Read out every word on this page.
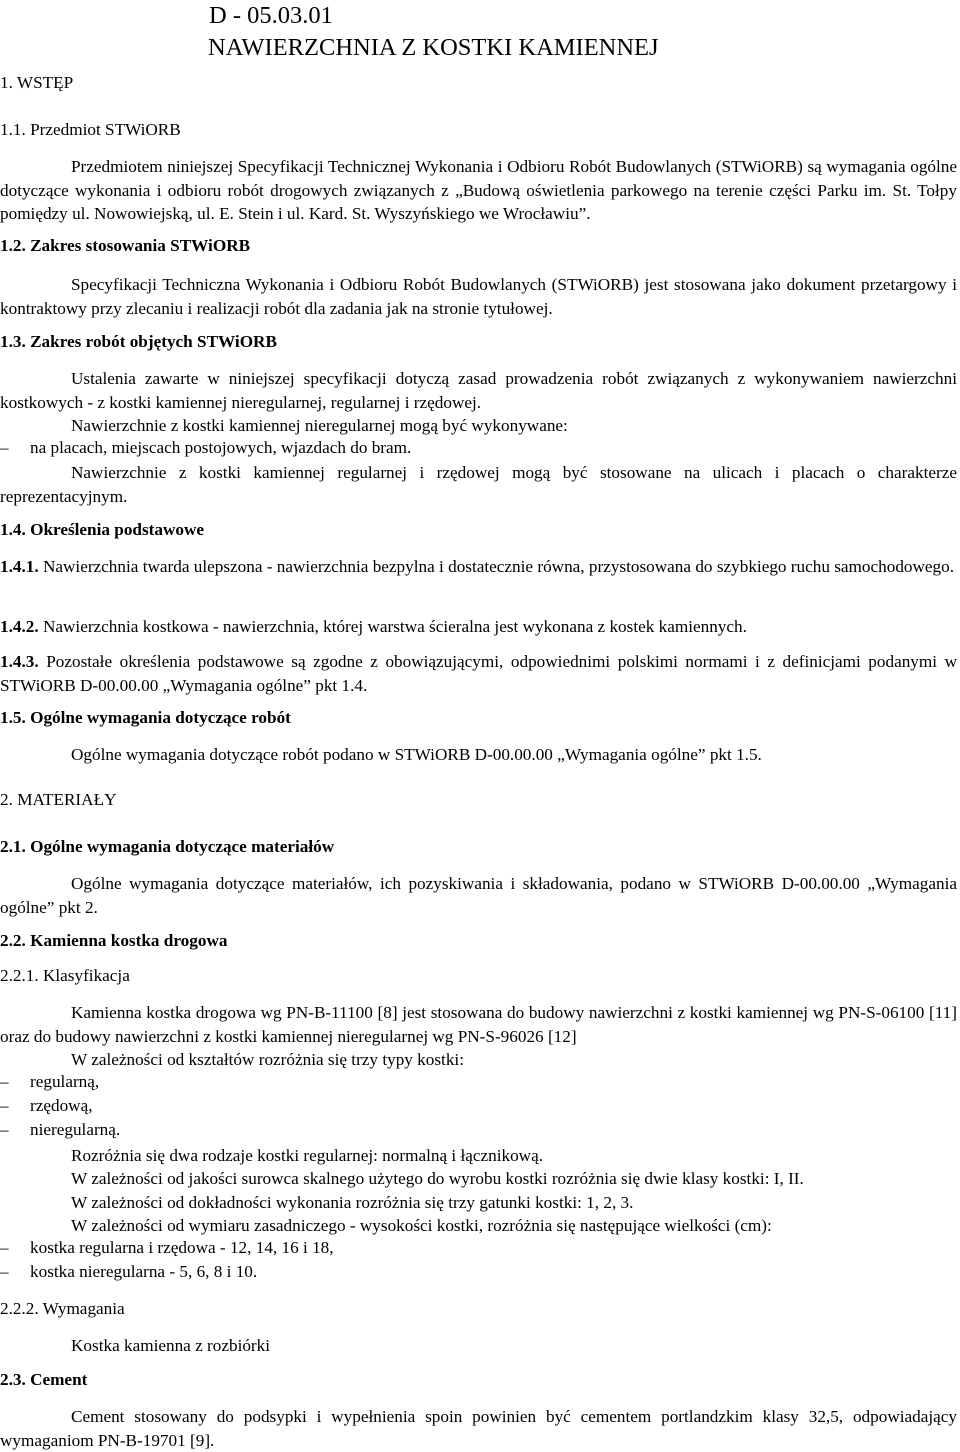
D - 05.03.01
NAWIERZCHNIA Z KOSTKI KAMIENNEJ
1. WSTĘP
1.1. Przedmiot STWiORB
Przedmiotem niniejszej Specyfikacji Technicznej Wykonania i Odbioru Robót Budowlanych (STWiORB) są wymagania ogólne dotyczące wykonania i odbioru robót drogowych związanych z „Budową oświetlenia parkowego na terenie części Parku im. St. Tołpy pomiędzy ul. Nowowiejską, ul. E. Stein i ul. Kard. St. Wyszyńskiego we Wrocławiu”.
1.2. Zakres stosowania STWiORB
Specyfikacji Techniczna Wykonania i Odbioru Robót Budowlanych (STWiORB) jest stosowana jako dokument przetargowy i kontraktowy przy zlecaniu i realizacji robót dla zadania jak na stronie tytułowej.
1.3. Zakres robót objętych STWiORB
Ustalenia zawarte w niniejszej specyfikacji dotyczą zasad prowadzenia robót związanych z wykonywaniem nawierzchni kostkowych - z kostki kamiennej nieregularnej, regularnej i rzędowej.
Nawierzchnie z kostki kamiennej nieregularnej mogą być wykonywane:
– na placach, miejscach postojowych, wjazdach do bram.
Nawierzchnie z kostki kamiennej regularnej i rzędowej mogą być stosowane na ulicach i placach o charakterze reprezentacyjnym.
1.4. Określenia podstawowe
1.4.1. Nawierzchnia twarda ulepszona - nawierzchnia bezpylna i dostatecznie równa, przystosowana do szybkiego ruchu samochodowego.
1.4.2. Nawierzchnia kostkowa - nawierzchnia, której warstwa ścieralna jest wykonana z kostek kamiennych.
1.4.3. Pozostałe określenia podstawowe są zgodne z obowiązującymi, odpowiednimi polskimi normami i z definicjami podanymi w STWiORB D-00.00.00 „Wymagania ogólne” pkt 1.4.
1.5. Ogólne wymagania dotyczące robót
Ogólne wymagania dotyczące robót podano w STWiORB D-00.00.00 „Wymagania ogólne” pkt 1.5.
2. MATERIAŁY
2.1. Ogólne wymagania dotyczące materiałów
Ogólne wymagania dotyczące materiałów, ich pozyskiwania i składowania, podano w STWiORB D-00.00.00 „Wymagania ogólne” pkt 2.
2.2. Kamienna kostka drogowa
2.2.1. Klasyfikacja
Kamienna kostka drogowa wg PN-B-11100 [8] jest stosowana do budowy nawierzchni z kostki kamiennej wg PN-S-06100 [11] oraz do budowy nawierzchni z kostki kamiennej nieregularnej wg PN-S-96026 [12]
W zależności od kształtów rozróżnia się trzy typy kostki:
– regularną,
– rzędową,
– nieregularną.
Rozróżnia się dwa rodzaje kostki regularnej: normalną i łącznikową.
W zależności od jakości surowca skalnego użytego do wyrobu kostki rozróżnia się dwie klasy kostki: I, II.
W zależności od dokładności wykonania rozróżnia się trzy gatunki kostki: 1, 2, 3.
W zależności od wymiaru zasadniczego - wysokości kostki, rozróżnia się następujące wielkości (cm):
– kostka regularna i rzędowa - 12, 14, 16 i 18,
– kostka nieregularna - 5, 6, 8 i 10.
2.2.2. Wymagania
Kostka kamienna z rozbiórki
2.3. Cement
Cement stosowany do podsypki i wypełnienia spoin powinien być cementem portlandzkim klasy 32,5, odpowiadający wymaganiom PN-B-19701 [9].
